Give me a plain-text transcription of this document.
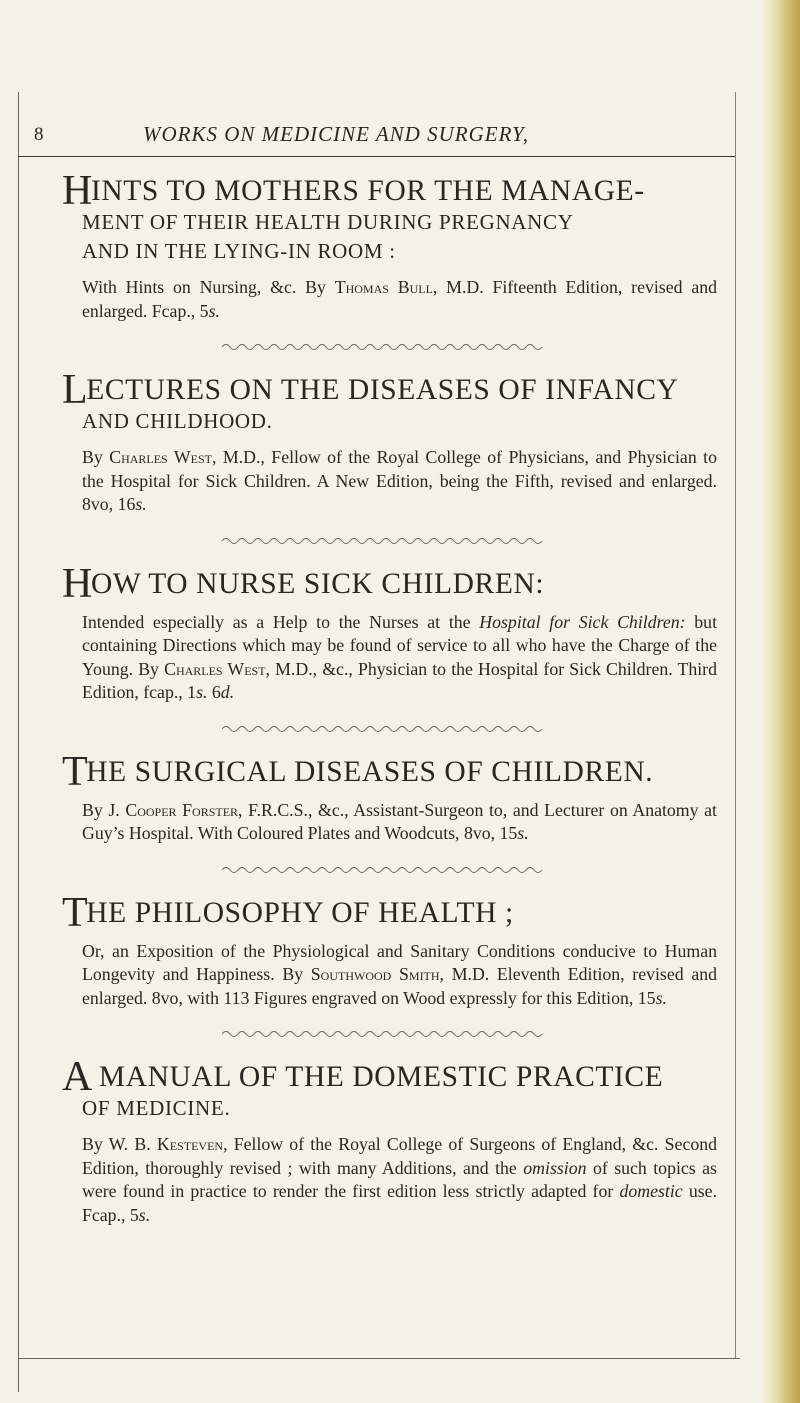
8	WORKS ON MEDICINE AND SURGERY,

HINTS TO MOTHERS FOR THE MANAGE-

MENT OF THEIR HEALTH DURING PREGNANCY

AND IN THE LYING-IN ROOM :

With Hints on Nursing, &c. By Thomas Bull, M.D. Fifteenth Edition, revised and enlarged. Fcap., 5s.

LECTURES ON THE DISEASES OF INFANCY

AND CHILDHOOD.

By Charles West, M.D., Fellow of the Royal College of Physicians, and Physician to the Hospital for Sick Children. A New Edition, being the Fifth, revised and enlarged. 8vo, 16s.

HOW TO NURSE SICK CHILDREN:

Intended especially as a Help to the Nurses at the Hospital for Sick Children: but containing Directions which may be found of service to all who have the Charge of the Young. By Charles West, M.D., &c., Physician to the Hospital for Sick Children. Third Edition, fcap., 1s. 6d.

THE SURGICAL DISEASES OF CHILDREN.

By J. Cooper Forster, F.R.C.S., &c., Assistant-Surgeon to, and Lecturer on Anatomy at Guy’s Hospital. With Coloured Plates and Woodcuts, 8vo, 15s.

THE PHILOSOPHY OF HEALTH ;

Or, an Exposition of the Physiological and Sanitary Conditions conducive to Human Longevity and Happiness. By Southwood Smith, M.D. Eleventh Edition, revised and enlarged. 8vo, with 113 Figures engraved on Wood expressly for this Edition, 15s.

A MANUAL OF THE DOMESTIC PRACTICE

OF MEDICINE.

By W. B. Kesteven, Fellow of the Royal College of Surgeons of England, &c. Second Edition, thoroughly revised ; with many Additions, and the omission of such topics as were found in practice to render the first edition less strictly adapted for domestic use. Fcap., 5s.
